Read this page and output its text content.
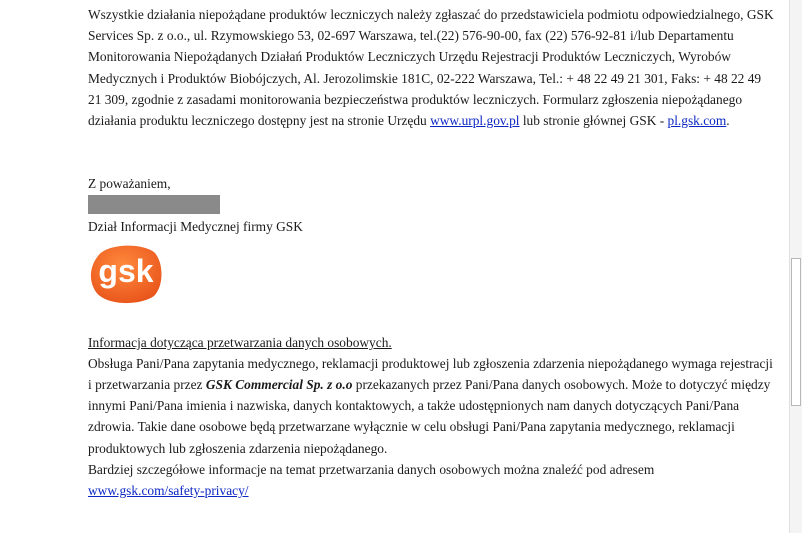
Wszystkie działania niepożądane produktów leczniczych należy zgłaszać do przedstawiciela podmiotu odpowiedzialnego, GSK Services Sp. z o.o., ul. Rzymowskiego 53, 02-697 Warszawa, tel.(22) 576-90-00, fax (22) 576-92-81 i/lub Departamentu Monitorowania Niepożądanych Działań Produktów Leczniczych Urzędu Rejestracji Produktów Leczniczych, Wyrobów Medycznych i Produktów Biobójczych, Al. Jerozolimskie 181C, 02-222 Warszawa, Tel.: + 48 22 49 21 301, Faks: + 48 22 49 21 309, zgodnie z zasadami monitorowania bezpieczeństwa produktów leczniczych. Formularz zgłoszenia niepożądanego działania produktu leczniczego dostępny jest na stronie Urzędu www.urpl.gov.pl lub stronie głównej GSK - pl.gsk.com.

Z poważaniem,

Dział Informacji Medycznej firmy GSK

gsk

Informacja dotycząca przetwarzania danych osobowych.

Obsługa Pani/Pana zapytania medycznego, reklamacji produktowej lub zgłoszenia zdarzenia niepożądanego wymaga rejestracji i przetwarzania przez GSK Commercial Sp. z o.o przekazanych przez Pani/Pana danych osobowych. Może to dotyczyć między innymi Pani/Pana imienia i nazwiska, danych kontaktowych, a także udostępnionych nam danych dotyczących Pani/Pana zdrowia. Takie dane osobowe będą przetwarzane wyłącznie w celu obsługi Pani/Pana zapytania medycznego, reklamacji produktowych lub zgłoszenia zdarzenia niepożądanego.

Bardziej szczegółowe informacje na temat przetwarzania danych osobowych można znaleźć pod adresem

www.gsk.com/safety-privacy/
